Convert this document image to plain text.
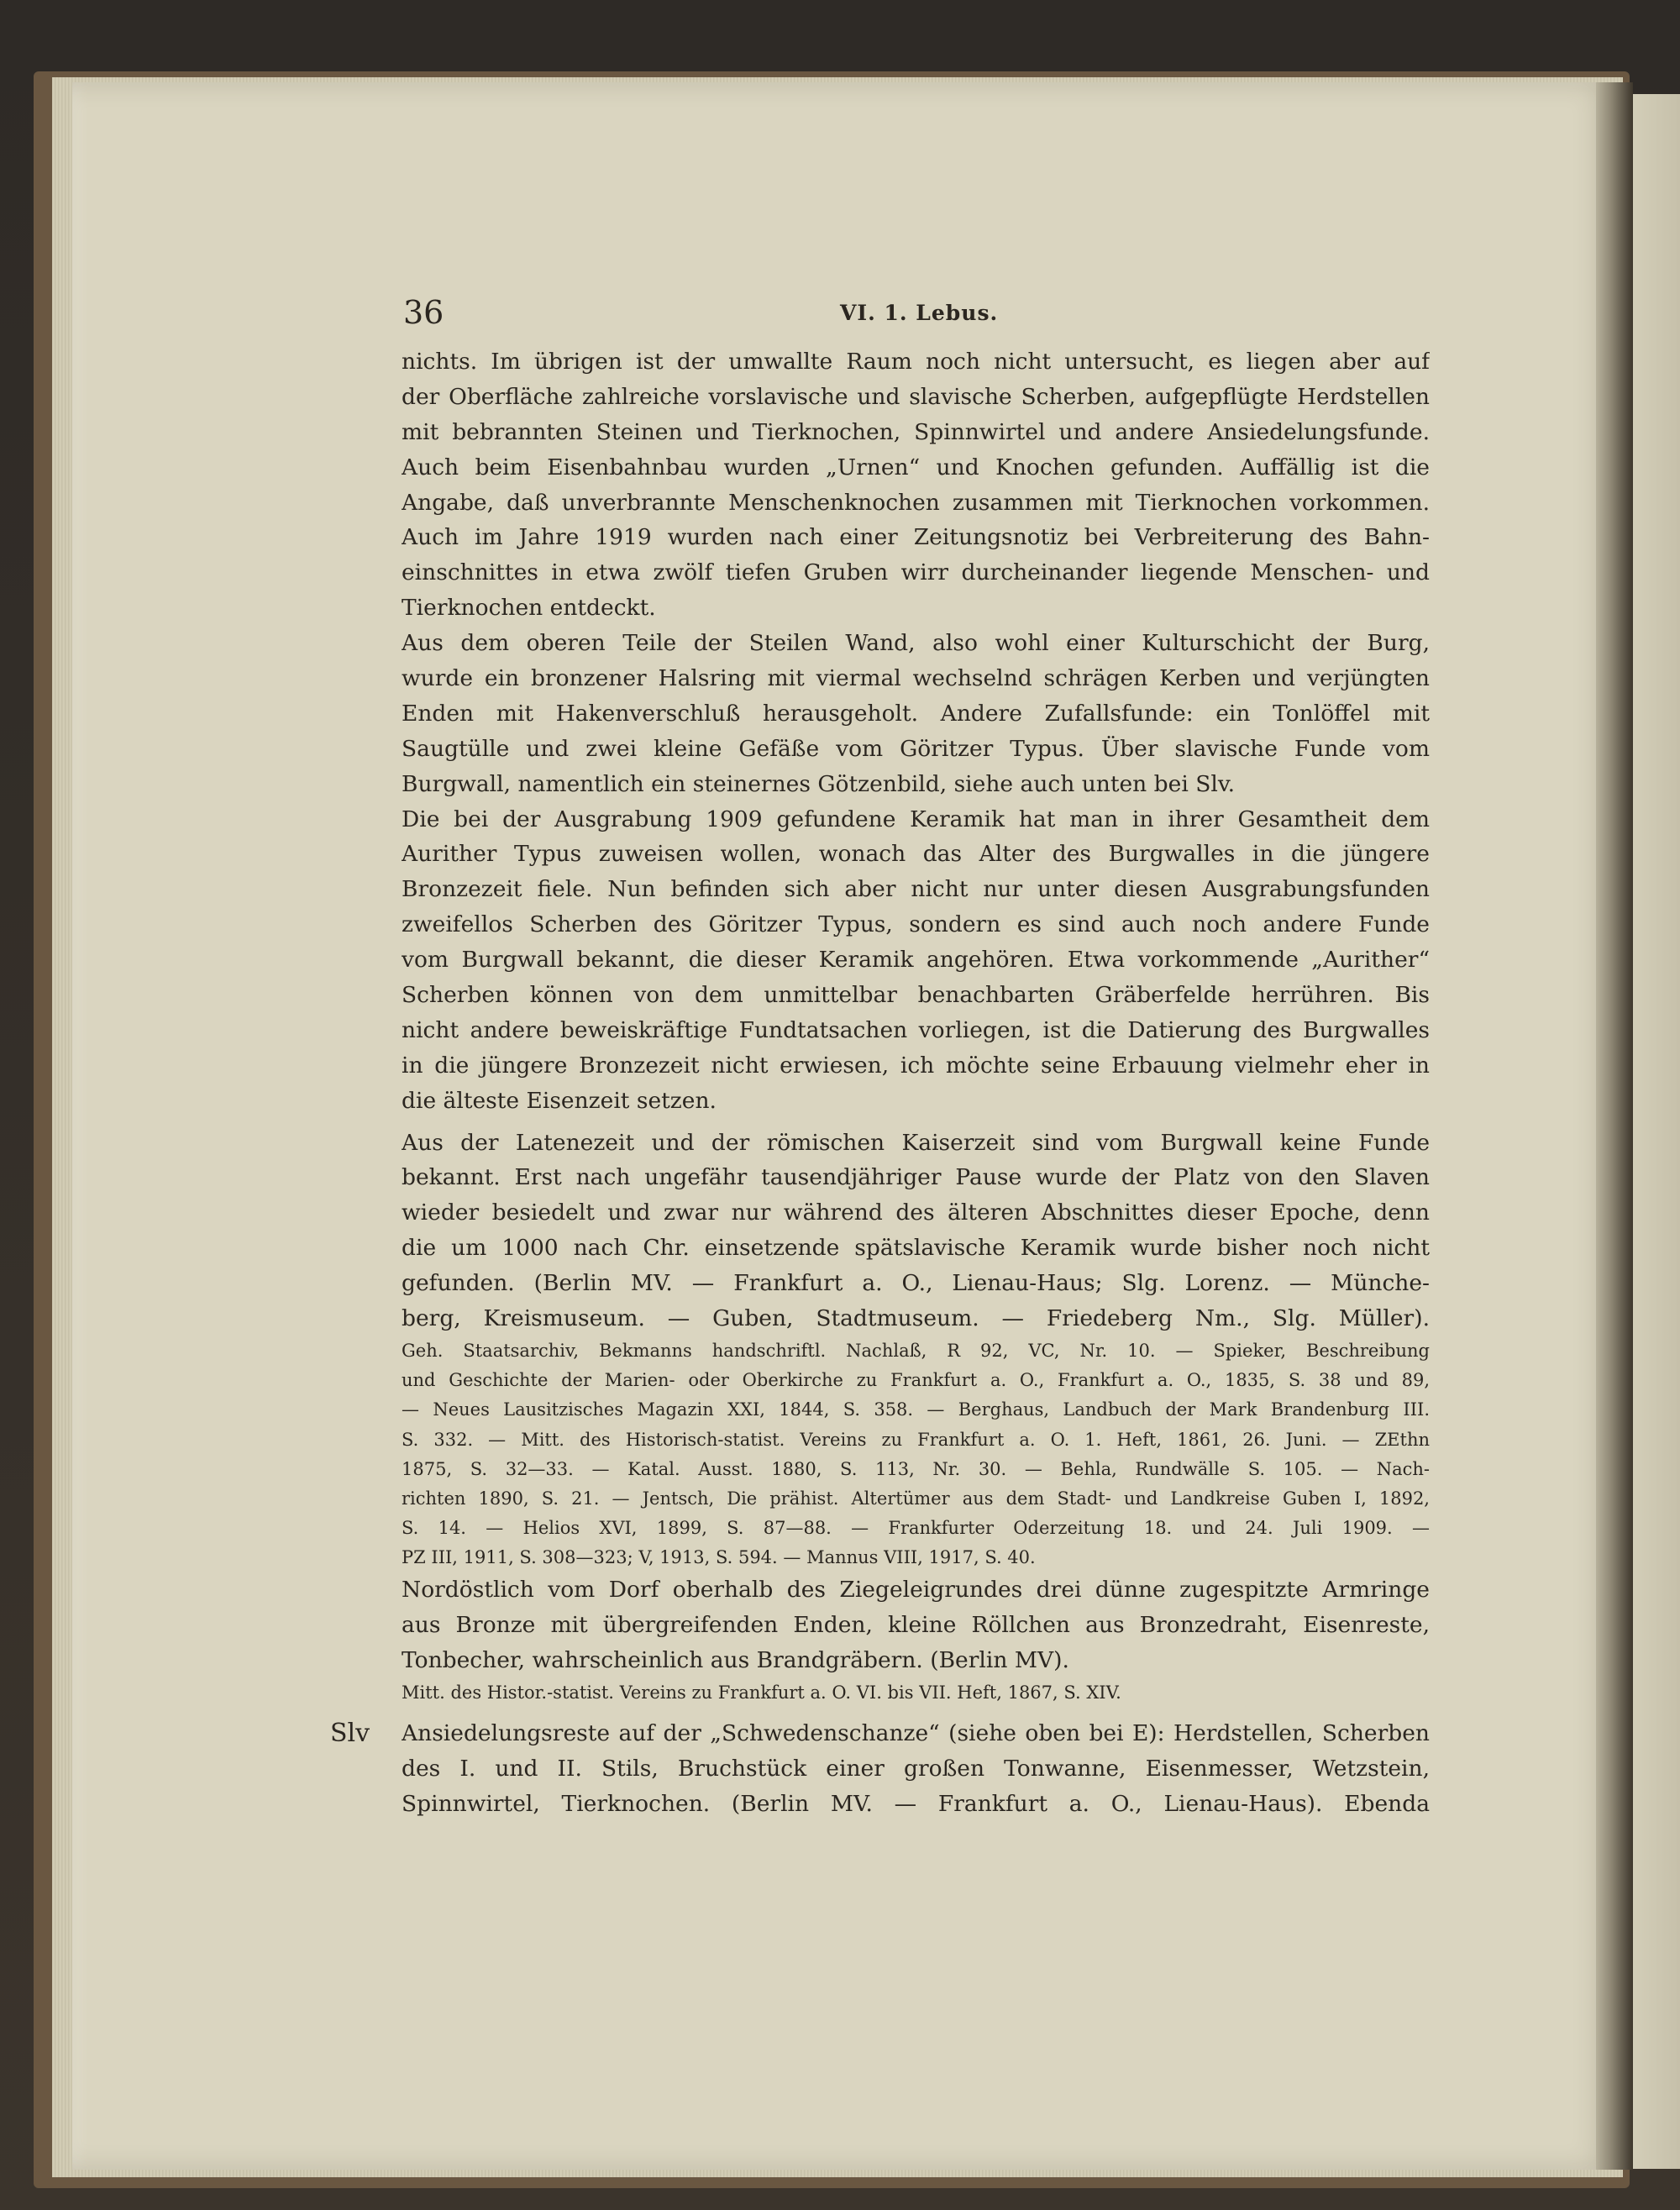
36	VI. 1. Lebus.
nichts. Im übrigen ist der umwallte Raum noch nicht untersucht, es liegen aber auf
der Oberfläche zahlreiche vorslavische und slavische Scherben, aufgepflügte Herdstellen
mit bebrannten Steinen und Tierknochen, Spinnwirtel und andere Ansiedelungsfunde.
Auch beim Eisenbahnbau wurden „Urnen“ und Knochen gefunden. Auffällig ist die
Angabe, daß unverbrannte Menschenknochen zusammen mit Tierknochen vorkommen.
Auch im Jahre 1919 wurden nach einer Zeitungsnotiz bei Verbreiterung des Bahn-
einschnittes in etwa zwölf tiefen Gruben wirr durcheinander liegende Menschen- und
Tierknochen entdeckt.
Aus dem oberen Teile der Steilen Wand, also wohl einer Kulturschicht der Burg,
wurde ein bronzener Halsring mit viermal wechselnd schrägen Kerben und verjüngten
Enden mit Hakenverschluß herausgeholt. Andere Zufallsfunde: ein Tonlöffel mit
Saugtülle und zwei kleine Gefäße vom Göritzer Typus. Über slavische Funde vom
Burgwall, namentlich ein steinernes Götzenbild, siehe auch unten bei Slv.
Die bei der Ausgrabung 1909 gefundene Keramik hat man in ihrer Gesamtheit dem
Aurither Typus zuweisen wollen, wonach das Alter des Burgwalles in die jüngere
Bronzezeit fiele. Nun befinden sich aber nicht nur unter diesen Ausgrabungsfunden
zweifellos Scherben des Göritzer Typus, sondern es sind auch noch andere Funde
vom Burgwall bekannt, die dieser Keramik angehören. Etwa vorkommende „Aurither“
Scherben können von dem unmittelbar benachbarten Gräberfelde herrühren. Bis
nicht andere beweiskräftige Fundtatsachen vorliegen, ist die Datierung des Burgwalles
in die jüngere Bronzezeit nicht erwiesen, ich möchte seine Erbauung vielmehr eher in
die älteste Eisenzeit setzen.
Aus der Latenezeit und der römischen Kaiserzeit sind vom Burgwall keine Funde
bekannt. Erst nach ungefähr tausendjähriger Pause wurde der Platz von den Slaven
wieder besiedelt und zwar nur während des älteren Abschnittes dieser Epoche, denn
die um 1000 nach Chr. einsetzende spätslavische Keramik wurde bisher noch nicht
gefunden. (Berlin MV. — Frankfurt a. O., Lienau-Haus; Slg. Lorenz. — Münche-
berg, Kreismuseum. — Guben, Stadtmuseum. — Friedeberg Nm., Slg. Müller).
Geh. Staatsarchiv, Bekmanns handschriftl. Nachlaß, R 92, VC, Nr. 10. — Spieker, Beschreibung
und Geschichte der Marien- oder Oberkirche zu Frankfurt a. O., Frankfurt a. O., 1835, S. 38 und 89,
— Neues Lausitzisches Magazin XXI, 1844, S. 358. — Berghaus, Landbuch der Mark Brandenburg III.
S. 332. — Mitt. des Historisch-statist. Vereins zu Frankfurt a. O. 1. Heft, 1861, 26. Juni. — ZEthn
1875, S. 32—33. — Katal. Ausst. 1880, S. 113, Nr. 30. — Behla, Rundwälle S. 105. — Nach-
richten 1890, S. 21. — Jentsch, Die prähist. Altertümer aus dem Stadt- und Landkreise Guben I, 1892,
S. 14. — Helios XVI, 1899, S. 87—88. — Frankfurter Oderzeitung 18. und 24. Juli 1909. —
PZ III, 1911, S. 308—323; V, 1913, S. 594. — Mannus VIII, 1917, S. 40.
Nordöstlich vom Dorf oberhalb des Ziegeleigrundes drei dünne zugespitzte Armringe
aus Bronze mit übergreifenden Enden, kleine Röllchen aus Bronzedraht, Eisenreste,
Tonbecher, wahrscheinlich aus Brandgräbern. (Berlin MV).
Mitt. des Histor.-statist. Vereins zu Frankfurt a. O. VI. bis VII. Heft, 1867, S. XIV.
Slv Ansiedelungsreste auf der „Schwedenschanze“ (siehe oben bei E): Herdstellen, Scherben
des I. und II. Stils, Bruchstück einer großen Tonwanne, Eisenmesser, Wetzstein,
Spinnwirtel, Tierknochen. (Berlin MV. — Frankfurt a. O., Lienau-Haus). Ebenda
